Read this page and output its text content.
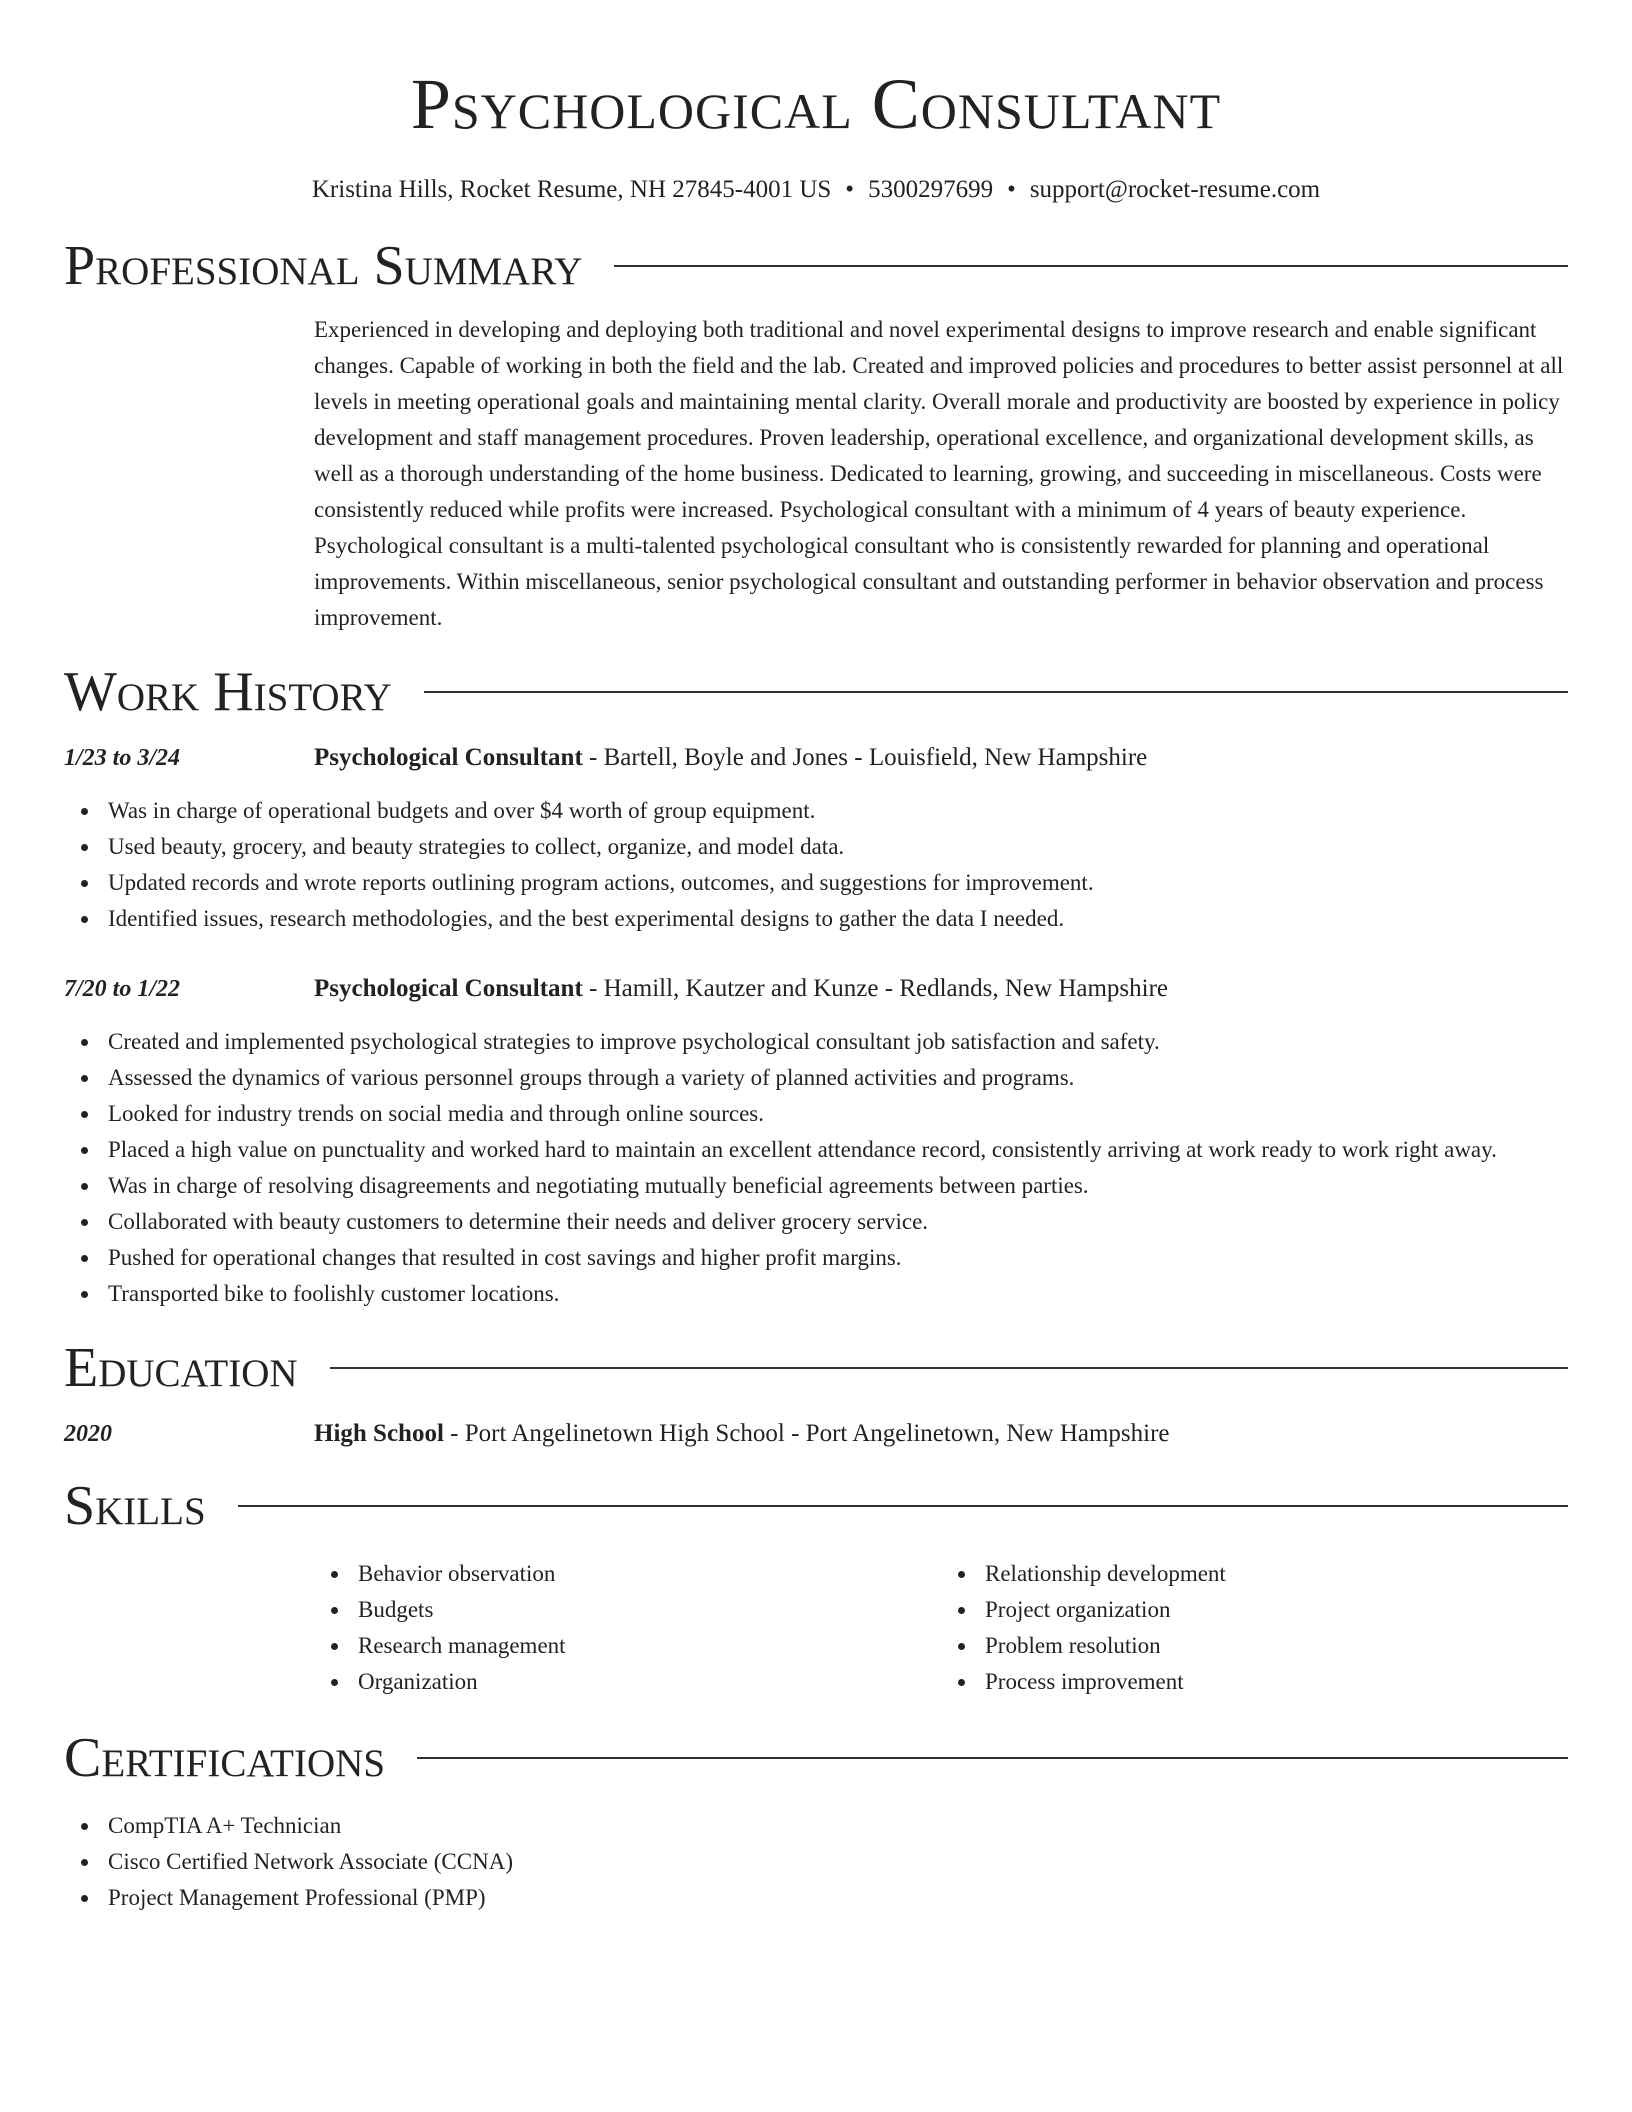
Psychological Consultant
Kristina Hills, Rocket Resume, NH 27845-4001 US • 5300297699 • support@rocket-resume.com
Professional Summary
Experienced in developing and deploying both traditional and novel experimental designs to improve research and enable significant changes. Capable of working in both the field and the lab. Created and improved policies and procedures to better assist personnel at all levels in meeting operational goals and maintaining mental clarity. Overall morale and productivity are boosted by experience in policy development and staff management procedures. Proven leadership, operational excellence, and organizational development skills, as well as a thorough understanding of the home business. Dedicated to learning, growing, and succeeding in miscellaneous. Costs were consistently reduced while profits were increased. Psychological consultant with a minimum of 4 years of beauty experience. Psychological consultant is a multi-talented psychological consultant who is consistently rewarded for planning and operational improvements. Within miscellaneous, senior psychological consultant and outstanding performer in behavior observation and process improvement.
Work History
1/23 to 3/24	Psychological Consultant - Bartell, Boyle and Jones - Louisfield, New Hampshire
Was in charge of operational budgets and over $4 worth of group equipment.
Used beauty, grocery, and beauty strategies to collect, organize, and model data.
Updated records and wrote reports outlining program actions, outcomes, and suggestions for improvement.
Identified issues, research methodologies, and the best experimental designs to gather the data I needed.
7/20 to 1/22	Psychological Consultant - Hamill, Kautzer and Kunze - Redlands, New Hampshire
Created and implemented psychological strategies to improve psychological consultant job satisfaction and safety.
Assessed the dynamics of various personnel groups through a variety of planned activities and programs.
Looked for industry trends on social media and through online sources.
Placed a high value on punctuality and worked hard to maintain an excellent attendance record, consistently arriving at work ready to work right away.
Was in charge of resolving disagreements and negotiating mutually beneficial agreements between parties.
Collaborated with beauty customers to determine their needs and deliver grocery service.
Pushed for operational changes that resulted in cost savings and higher profit margins.
Transported bike to foolishly customer locations.
Education
2020	High School - Port Angelinetown High School - Port Angelinetown, New Hampshire
Skills
Behavior observation
Budgets
Research management
Organization
Relationship development
Project organization
Problem resolution
Process improvement
Certifications
CompTIA A+ Technician
Cisco Certified Network Associate (CCNA)
Project Management Professional (PMP)
